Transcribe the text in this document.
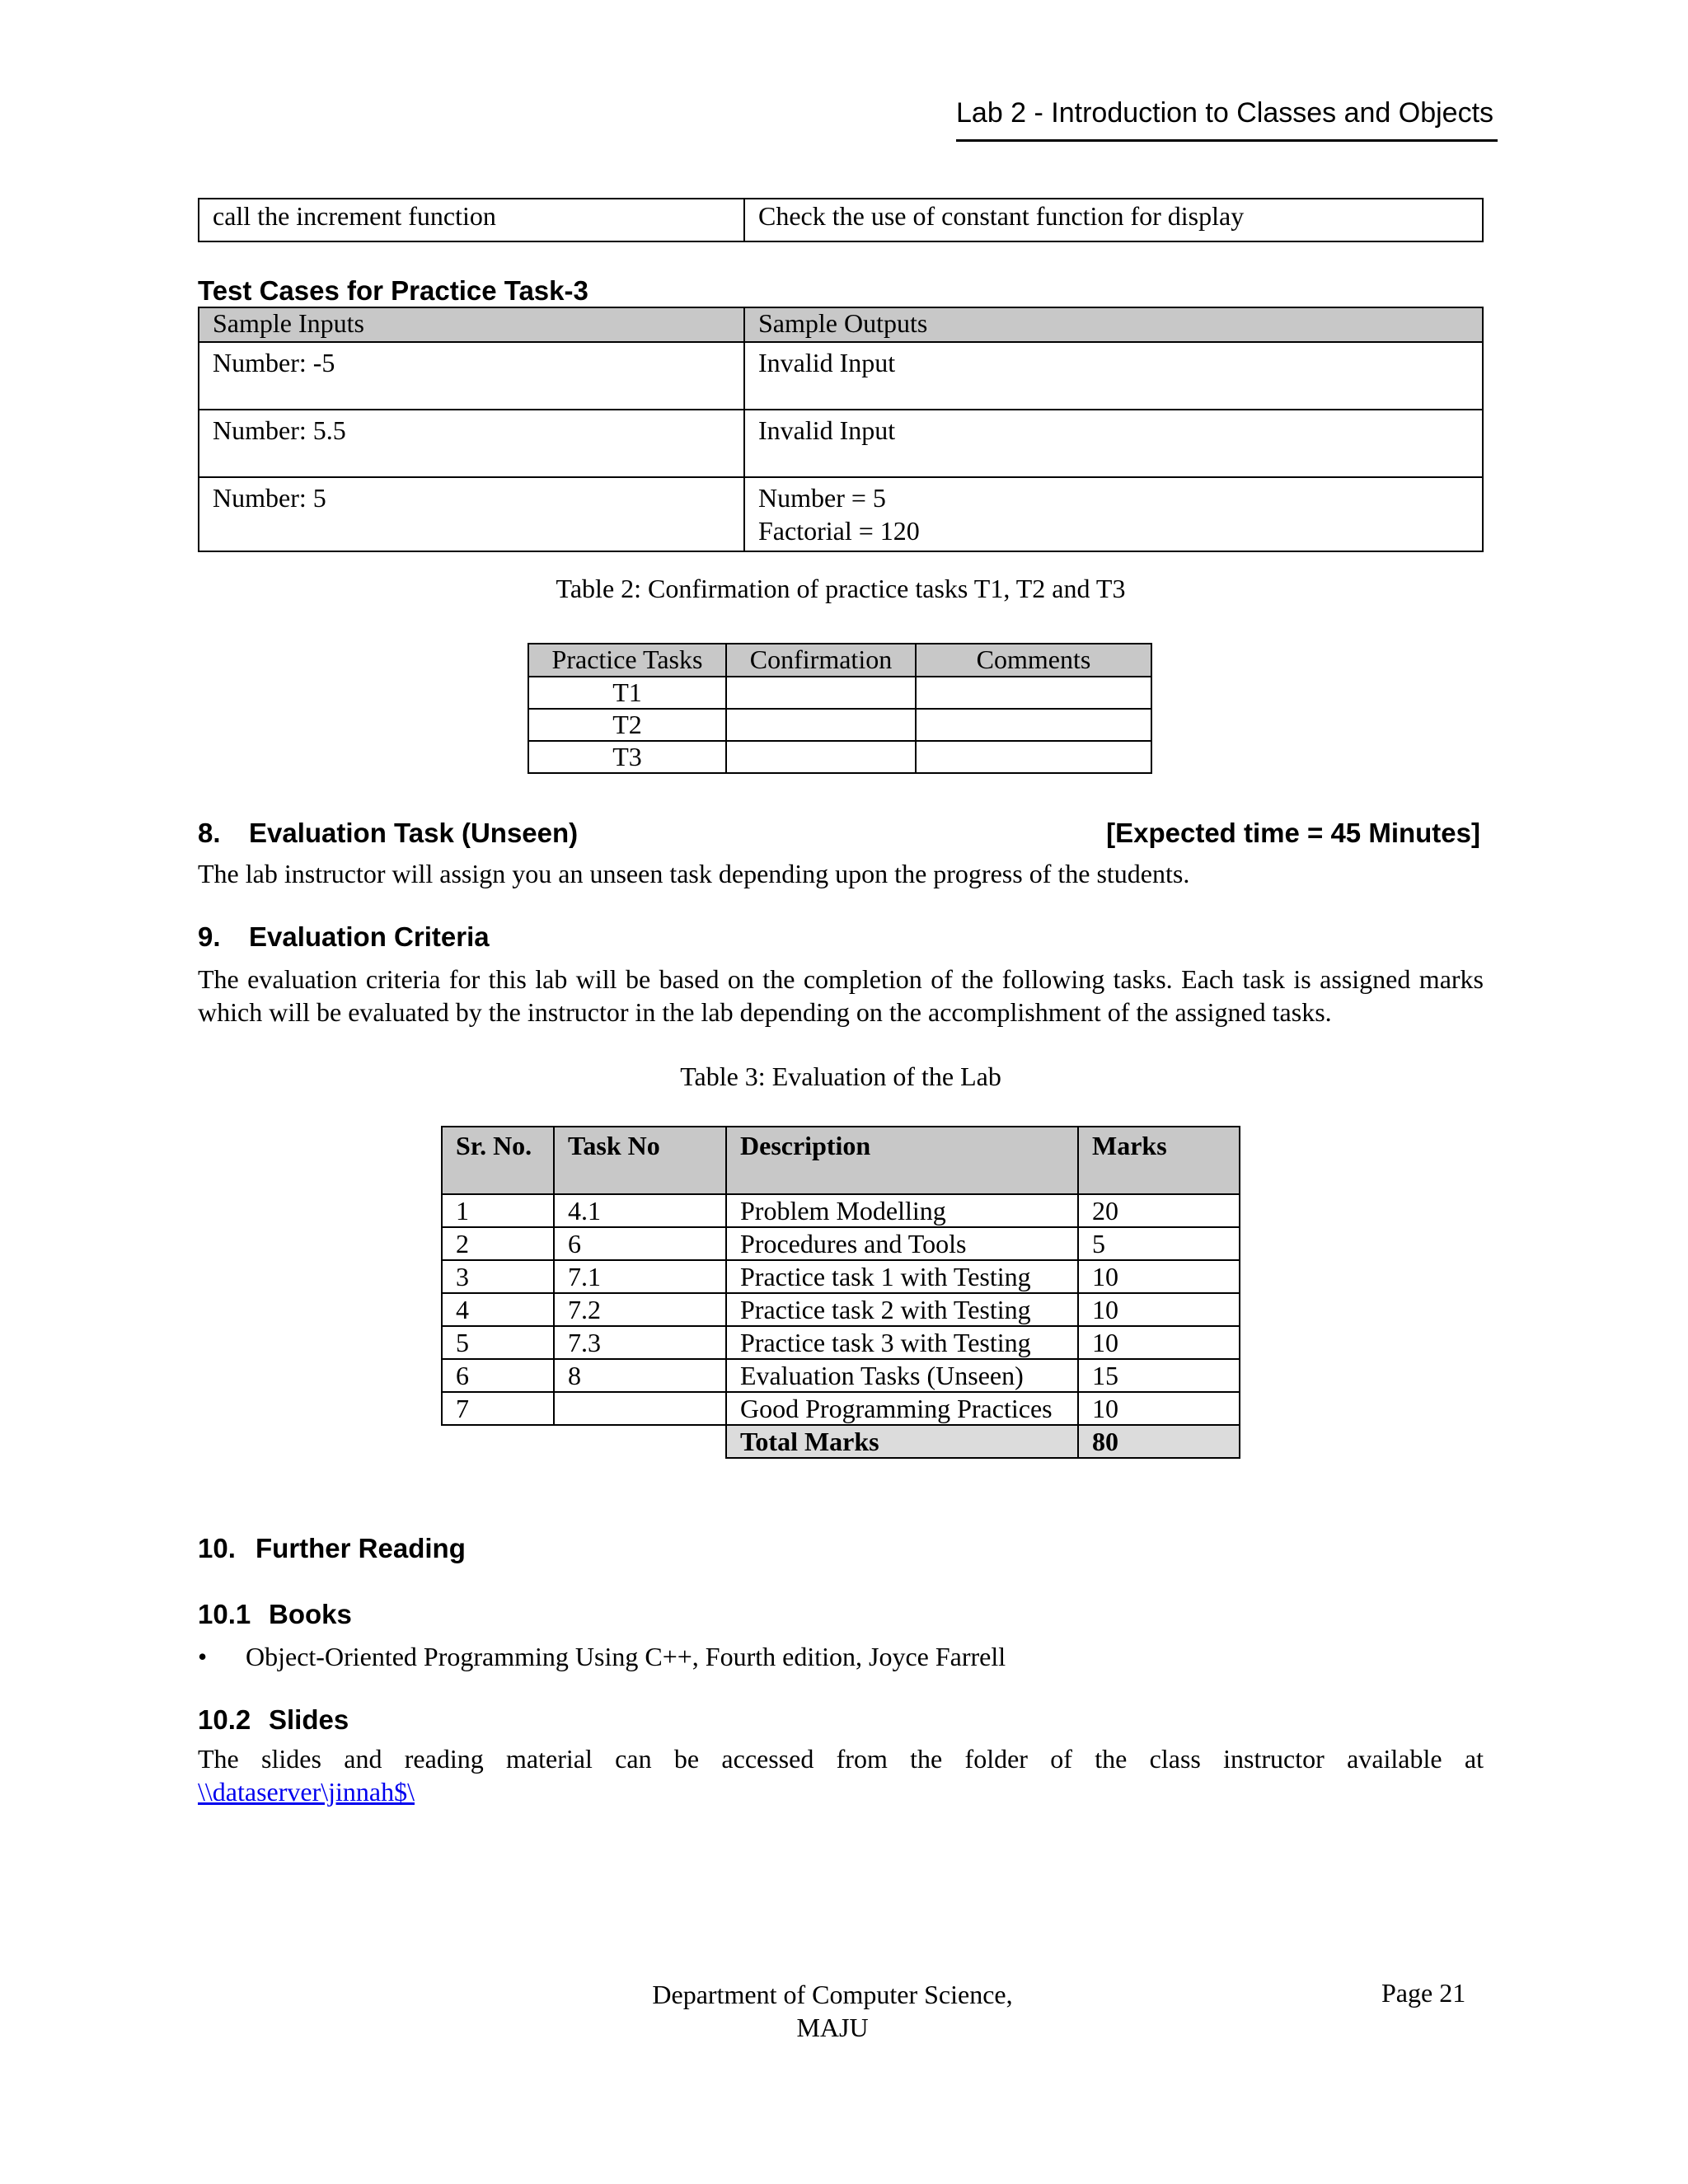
Lab 2 - Introduction to Classes and Objects
call the increment function	Check the use of constant function for display
Test Cases for Practice Task-3
Sample Inputs	Sample Outputs
Number: -5	Invalid Input

Number: 5.5	Invalid Input

Number: 5	Number = 5
Factorial = 120
Table 2: Confirmation of practice tasks T1, T2 and T3
Practice Tasks	Confirmation	Comments
T1		
T2		
T3		
8. Evaluation Task (Unseen)	[Expected time = 45 Minutes]
The lab instructor will assign you an unseen task depending upon the progress of the students.
9. Evaluation Criteria
The evaluation criteria for this lab will be based on the completion of the following tasks. Each task is assigned marks which will be evaluated by the instructor in the lab depending on the accomplishment of the assigned tasks.
Table 3: Evaluation of the Lab
Sr. No.	Task No	Description	Marks
1	4.1	Problem Modelling	20
2	6	Procedures and Tools	5
3	7.1	Practice task 1 with Testing	10
4	7.2	Practice task 2 with Testing	10
5	7.3	Practice task 3 with Testing	10
6	8	Evaluation Tasks (Unseen)	15
7		Good Programming Practices	10
		Total Marks	80
10. Further Reading
10.1 Books
• Object-Oriented Programming Using C++, Fourth edition, Joyce Farrell
10.2 Slides
The slides and reading material can be accessed from the folder of the class instructor available at
\\dataserver\jinnah$\
Department of Computer Science,
MAJU
Page 21
